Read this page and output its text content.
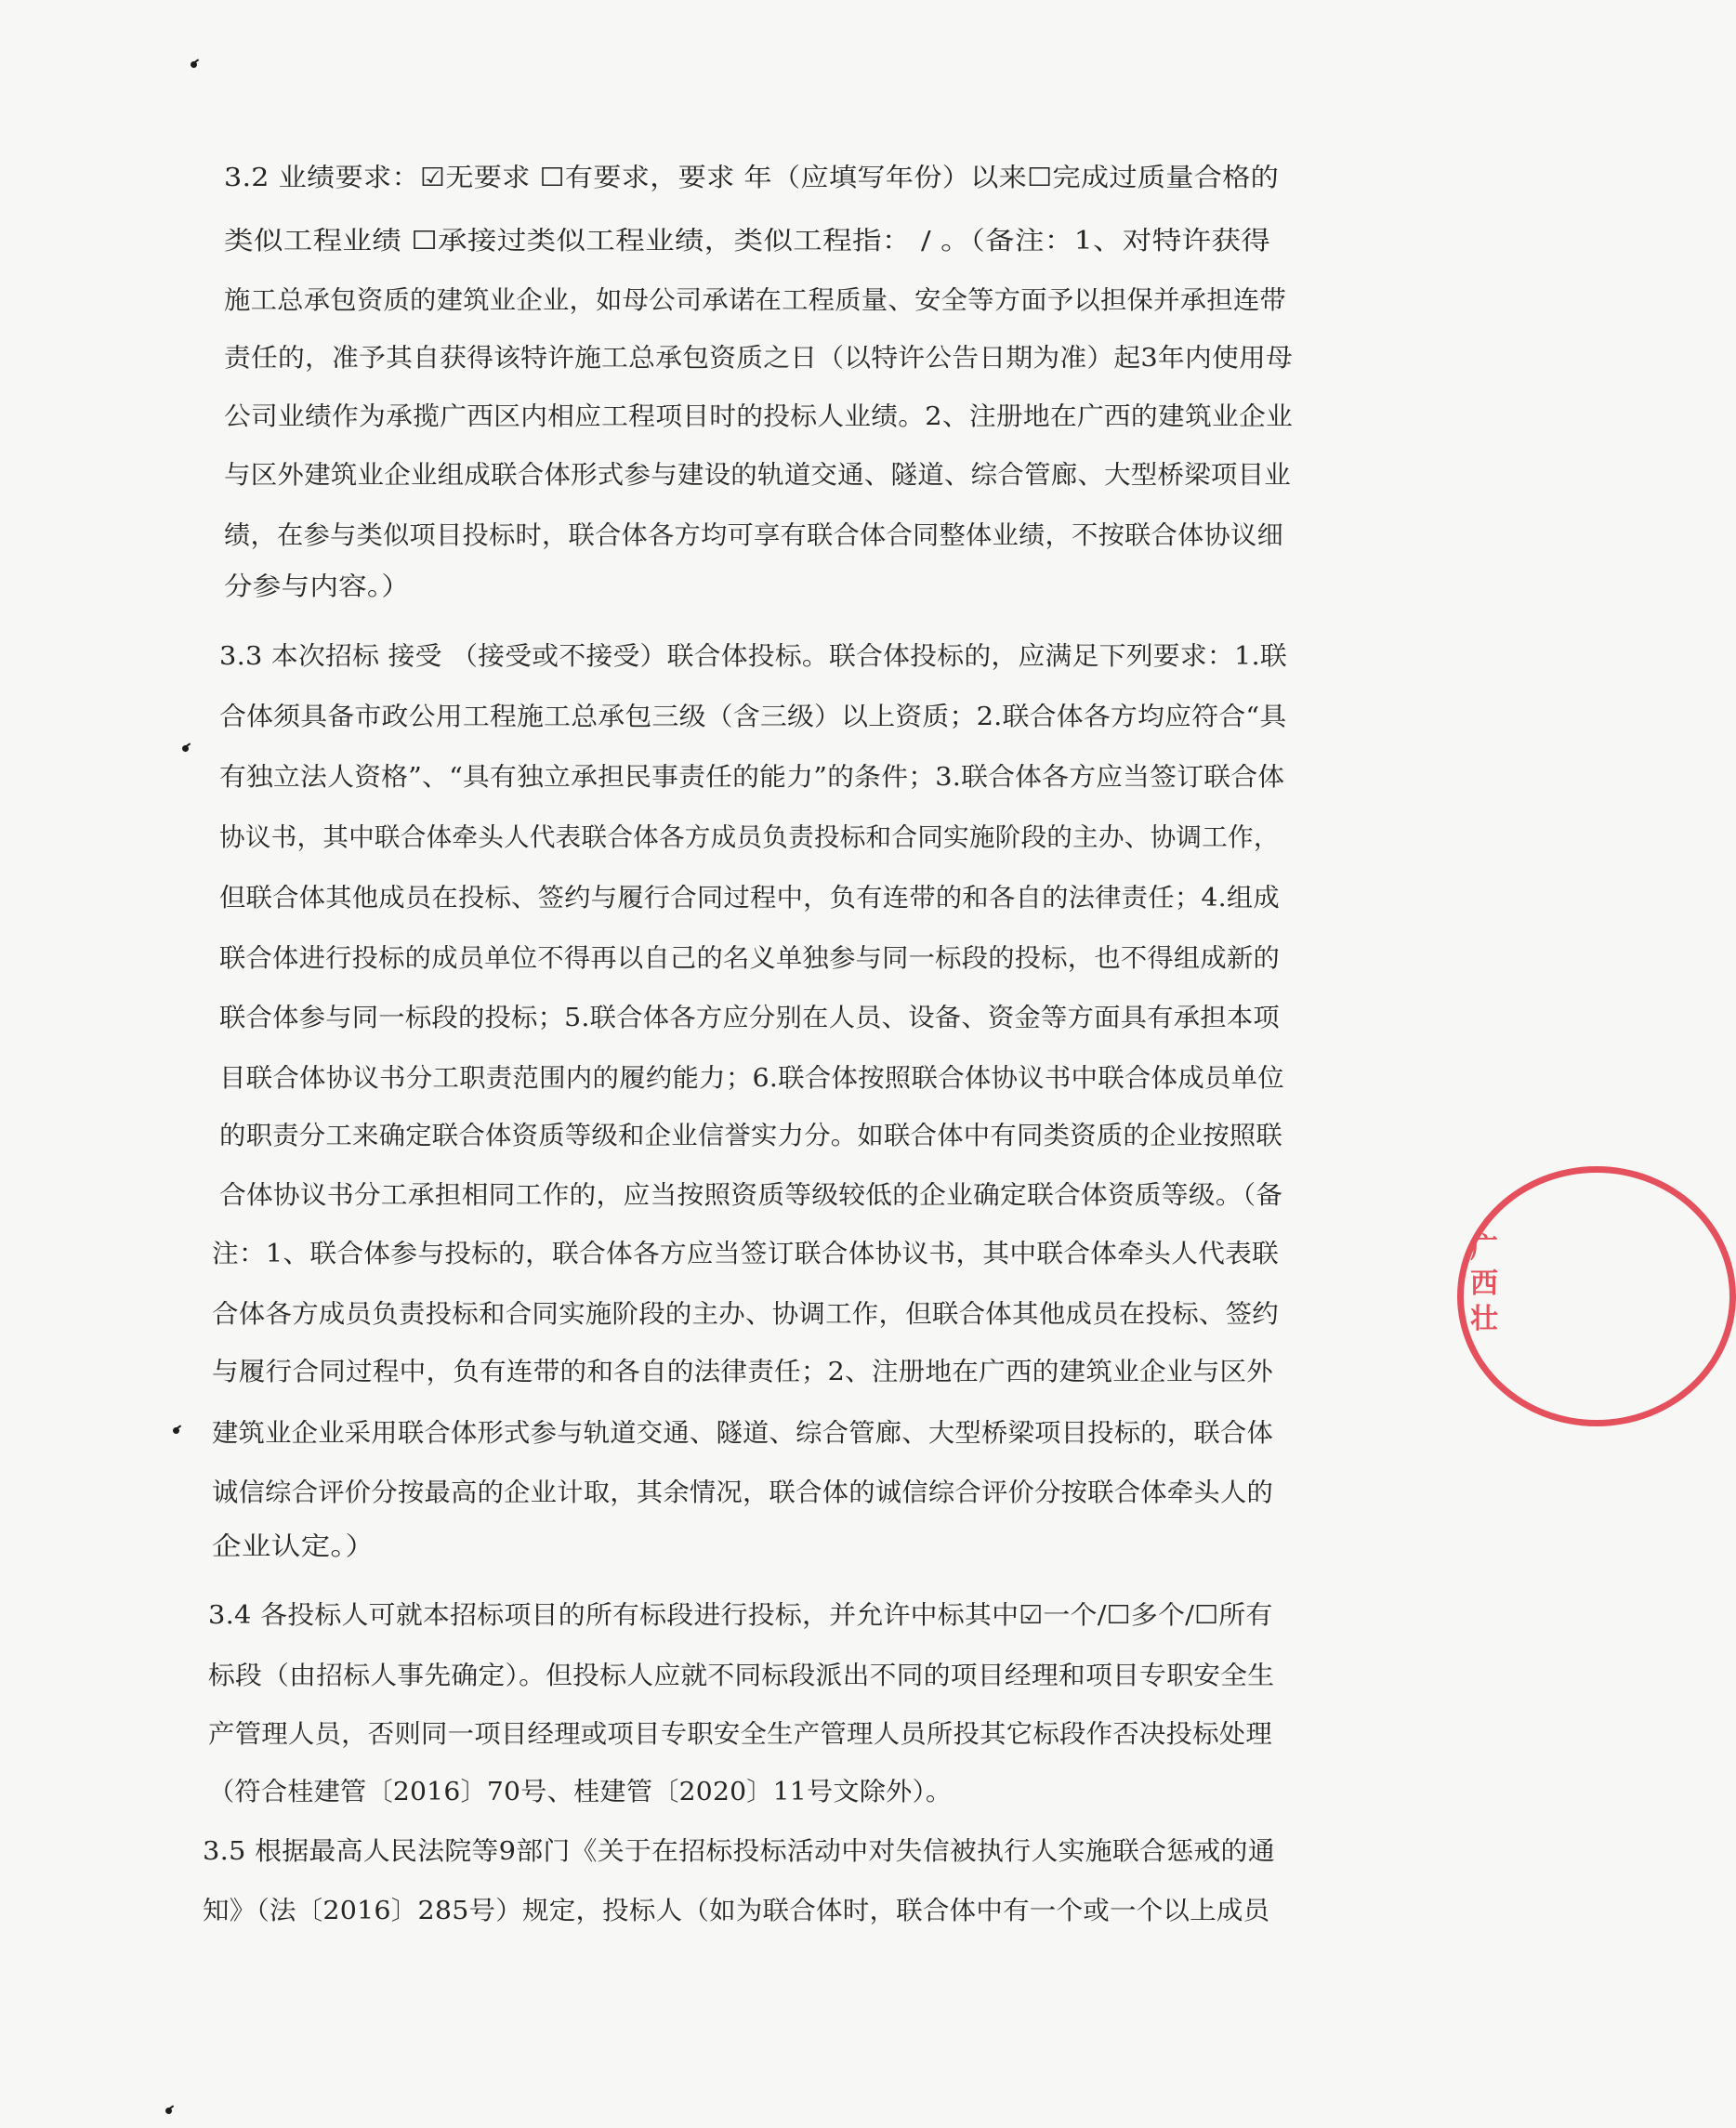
3.2 业绩要求：☑无要求 ☐有要求，要求 年（应填写年份）以来☐完成过质量合格的
类似工程业绩 ☐承接过类似工程业绩，类似工程指： / 。（备注：1、对特许获得
施工总承包资质的建筑业企业，如母公司承诺在工程质量、安全等方面予以担保并承担连带
责任的，准予其自获得该特许施工总承包资质之日（以特许公告日期为准）起3年内使用母
公司业绩作为承揽广西区内相应工程项目时的投标人业绩。2、注册地在广西的建筑业企业
与区外建筑业企业组成联合体形式参与建设的轨道交通、隧道、综合管廊、大型桥梁项目业
绩，在参与类似项目投标时，联合体各方均可享有联合体合同整体业绩，不按联合体协议细
分参与内容。）
3.3 本次招标 接受 （接受或不接受）联合体投标。联合体投标的，应满足下列要求：1.联
合体须具备市政公用工程施工总承包三级（含三级）以上资质；2.联合体各方均应符合“具
有独立法人资格”、“具有独立承担民事责任的能力”的条件；3.联合体各方应当签订联合体
协议书，其中联合体牵头人代表联合体各方成员负责投标和合同实施阶段的主办、协调工作，
但联合体其他成员在投标、签约与履行合同过程中，负有连带的和各自的法律责任；4.组成
联合体进行投标的成员单位不得再以自己的名义单独参与同一标段的投标，也不得组成新的
联合体参与同一标段的投标；5.联合体各方应分别在人员、设备、资金等方面具有承担本项
目联合体协议书分工职责范围内的履约能力；6.联合体按照联合体协议书中联合体成员单位
的职责分工来确定联合体资质等级和企业信誉实力分。如联合体中有同类资质的企业按照联
合体协议书分工承担相同工作的，应当按照资质等级较低的企业确定联合体资质等级。（备
注：1、联合体参与投标的，联合体各方应当签订联合体协议书，其中联合体牵头人代表联
合体各方成员负责投标和合同实施阶段的主办、协调工作，但联合体其他成员在投标、签约
与履行合同过程中，负有连带的和各自的法律责任；2、注册地在广西的建筑业企业与区外
建筑业企业采用联合体形式参与轨道交通、隧道、综合管廊、大型桥梁项目投标的，联合体
诚信综合评价分按最高的企业计取，其余情况，联合体的诚信综合评价分按联合体牵头人的
企业认定。）
3.4 各投标人可就本招标项目的所有标段进行投标，并允许中标其中☑一个/☐多个/☐所有
标段（由招标人事先确定）。但投标人应就不同标段派出不同的项目经理和项目专职安全生
产管理人员，否则同一项目经理或项目专职安全生产管理人员所投其它标段作否决投标处理
（符合桂建管〔2016〕70号、桂建管〔2020〕11号文除外）。
3.5 根据最高人民法院等9部门《关于在招标投标活动中对失信被执行人实施联合惩戒的通
知》（法〔2016〕285号）规定，投标人（如为联合体时，联合体中有一个或一个以上成员
广西壮
